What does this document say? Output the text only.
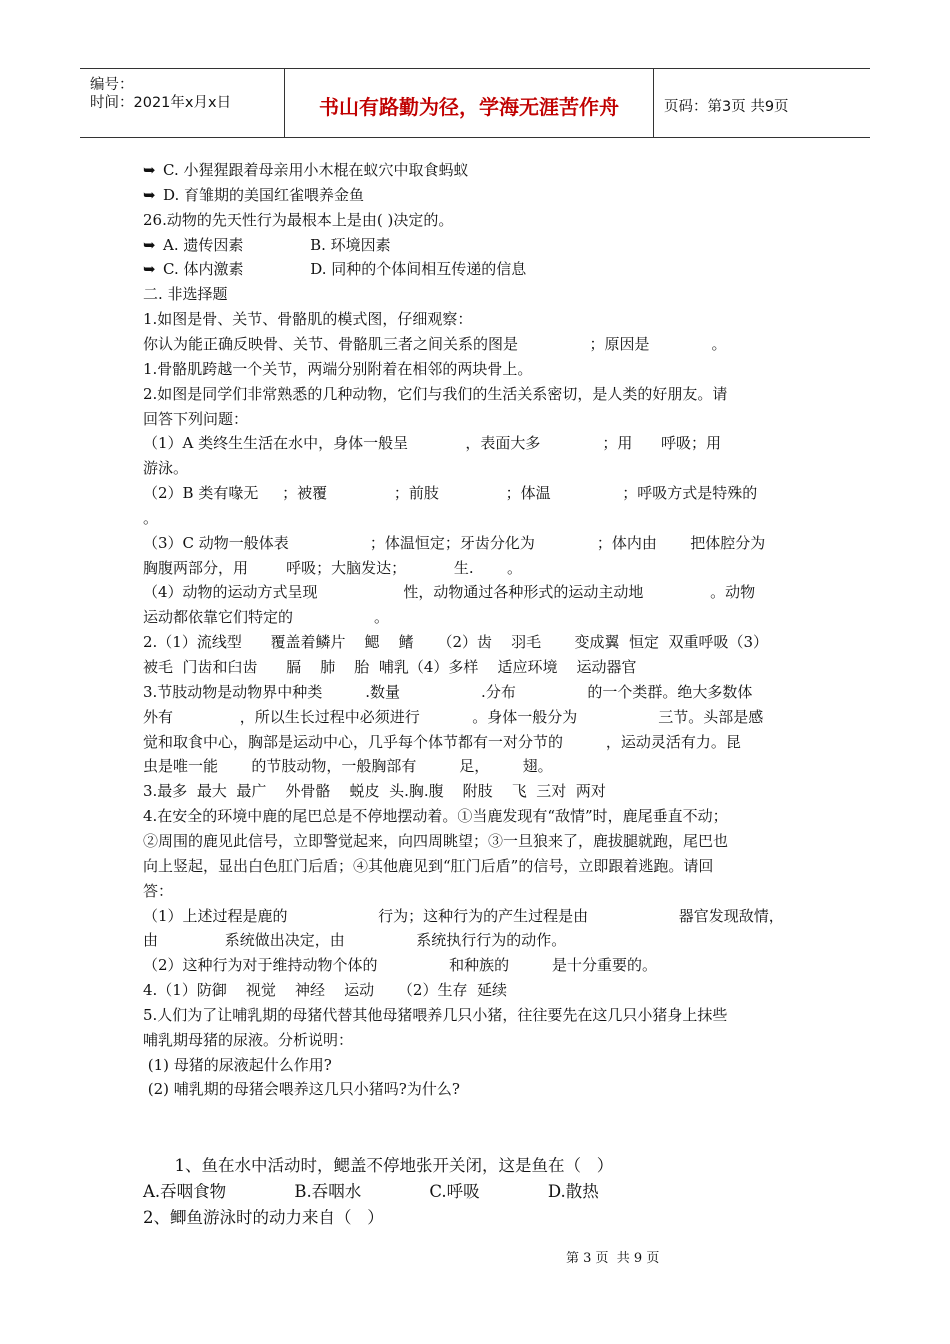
编号：
时间：2021年x月x日	书山有路勤为径，学海无涯苦作舟	页码：第3页 共9页
➥ C. 小猩猩跟着母亲用小木棍在蚁穴中取食蚂蚁
➥ D. 育雏期的美国红雀喂养金鱼
26.动物的先天性行为最根本上是由( )决定的。
➥ A. 遗传因素              B. 环境因素
➥ C. 体内激素              D. 同种的个体间相互传递的信息
二. 非选择题
1.如图是骨、关节、骨骼肌的模式图，仔细观察：
你认为能正确反映骨、关节、骨骼肌三者之间关系的图是               ；原因是             。
1.骨骼肌跨越一个关节，两端分别附着在相邻的两块骨上。
2.如图是同学们非常熟悉的几种动物，它们与我们的生活关系密切，是人类的好朋友。请
回答下列问题：
（1）A 类终生生活在水中，身体一般呈            ，表面大多             ；用      呼吸；用
游泳。
（2）B 类有喙无     ；被覆              ；前肢              ；体温               ；呼吸方式是特殊的
。
（3）C 动物一般体表                 ；体温恒定；牙齿分化为             ；体内由       把体腔分为
胸腹两部分，用        呼吸；大脑发达；          生.       。
（4）动物的运动方式呈现                  性，动物通过各种形式的运动主动地              。动物
运动都依靠它们特定的                 。
2.（1）流线型      覆盖着鳞片    鳃    鳍     （2）齿    羽毛       变成翼  恒定  双重呼吸（3）
被毛  门齿和臼齿      膈    肺    胎  哺乳（4）多样    适应环境    运动器官
3.节肢动物是动物界中种类         .数量                 .分布               的一个类群。绝大多数体
外有              ，所以生长过程中必须进行           。身体一般分为                 三节。头部是感
觉和取食中心，胸部是运动中心，几乎每个体节都有一对分节的         ，运动灵活有力。昆
虫是唯一能       的节肢动物，一般胸部有         足，       翅。
3.最多  最大  最广    外骨骼    蜕皮  头.胸.腹    附肢    飞  三对  两对
4.在安全的环境中鹿的尾巴总是不停地摆动着。①当鹿发现有“敌情”时，鹿尾垂直不动；
②周围的鹿见此信号，立即警觉起来，向四周眺望；③一旦狼来了，鹿拔腿就跑，尾巴也
向上竖起，显出白色肛门后盾；④其他鹿见到“肛门后盾”的信号，立即跟着逃跑。请回
答：
（1）上述过程是鹿的                   行为；这种行为的产生过程是由                   器官发现敌情，
由              系统做出决定，由               系统执行行为的动作。
（2）这种行为对于维持动物个体的               和种族的         是十分重要的。
4.（1）防御    视觉    神经    运动     （2）生存  延续
5.人们为了让哺乳期的母猪代替其他母猪喂养几只小猪，往往要先在这几只小猪身上抹些
哺乳期母猪的尿液。分析说明：
(1) 母猪的尿液起什么作用?
(2) 哺乳期的母猪会喂养这几只小猪吗?为什么?
1、鱼在水中活动时，鳃盖不停地张开关闭，这是鱼在（   ）
A.吞咽食物             B.吞咽水             C.呼吸             D.散热
2、鲫鱼游泳时的动力来自（   ）
第 3 页  共 9 页
